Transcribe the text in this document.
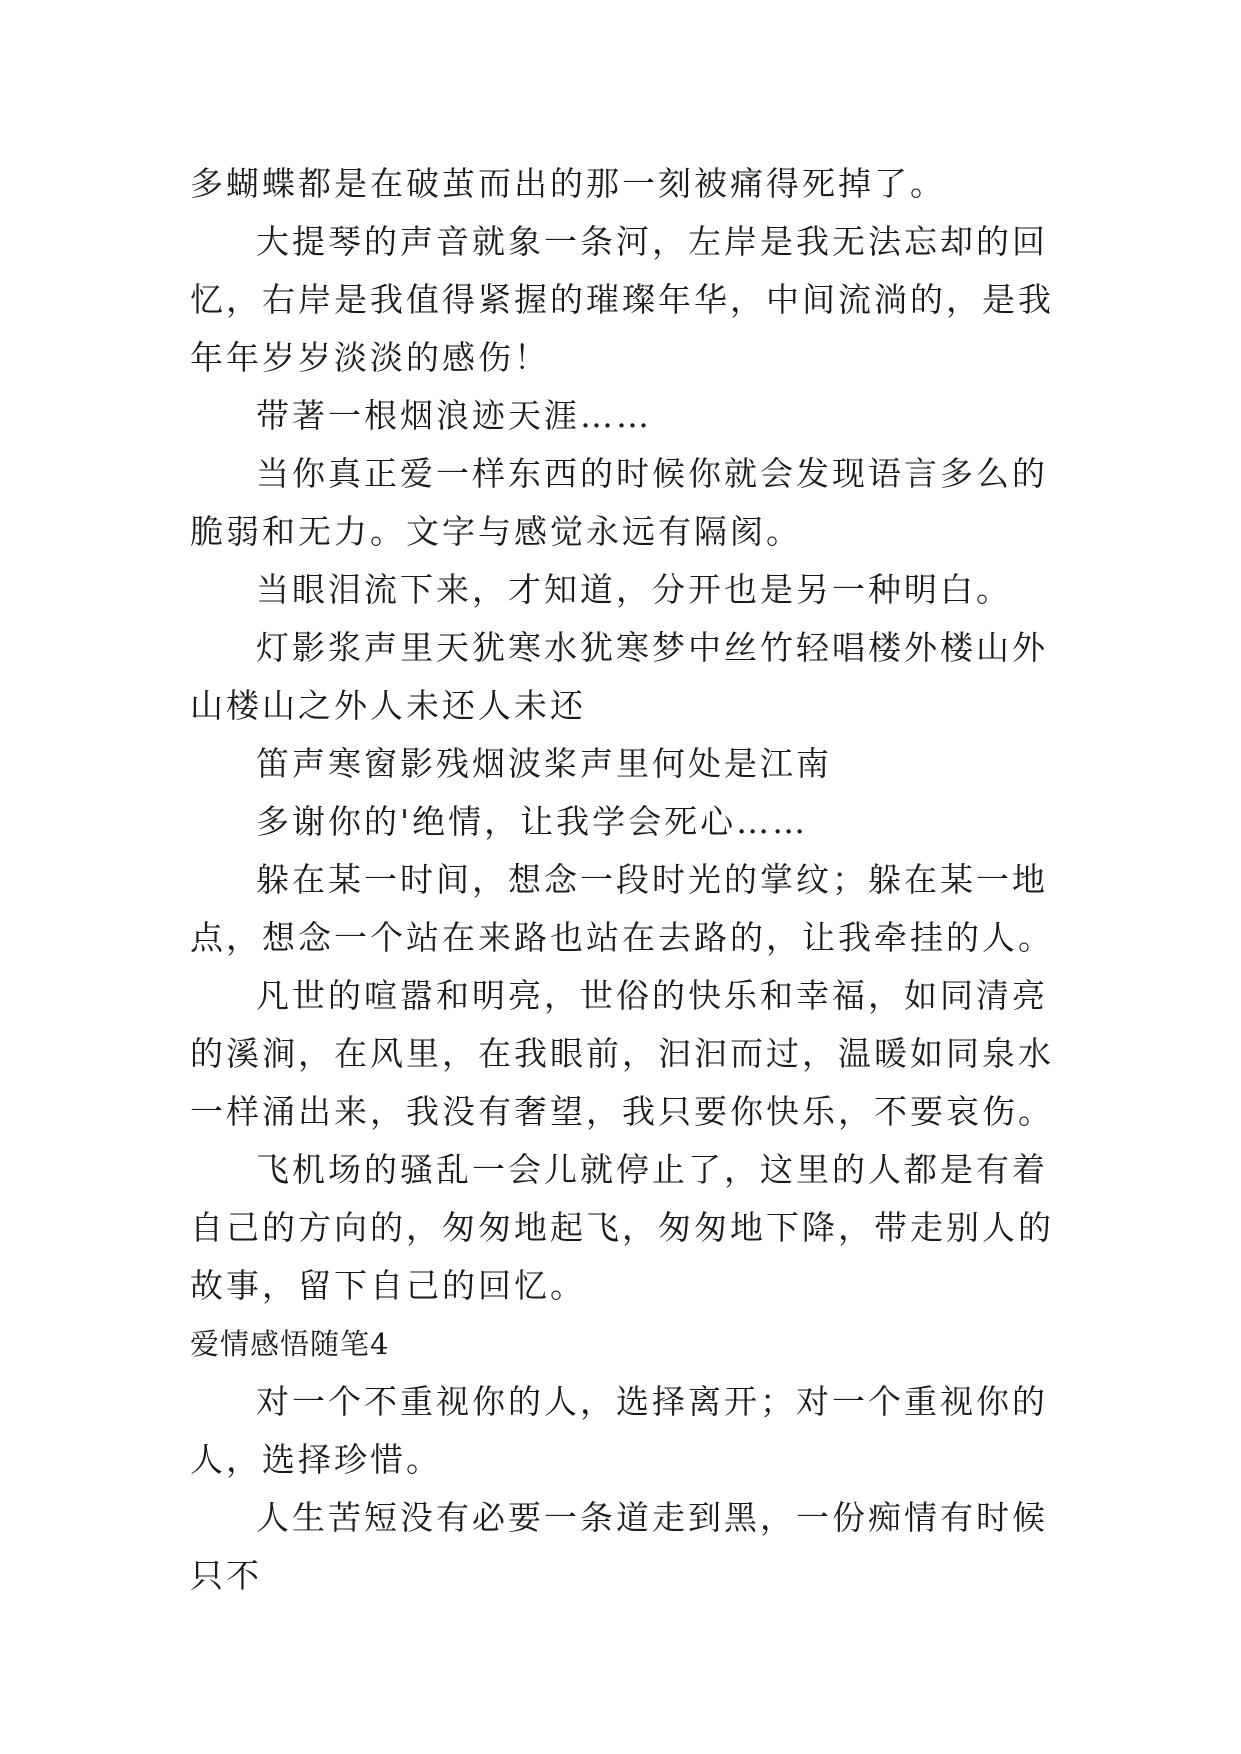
多蝴蝶都是在破茧而出的那一刻被痛得死掉了。

大提琴的声音就象一条河，左岸是我无法忘却的回忆，右岸是我值得紧握的璀璨年华，中间流淌的，是我年年岁岁淡淡的感伤！

带著一根烟浪迹天涯……

当你真正爱一样东西的时候你就会发现语言多么的脆弱和无力。文字与感觉永远有隔阂。

当眼泪流下来，才知道，分开也是另一种明白。

灯影浆声里天犹寒水犹寒梦中丝竹轻唱楼外楼山外山楼山之外人未还人未还

笛声寒窗影残烟波桨声里何处是江南

多谢你的'绝情，让我学会死心……

躲在某一时间，想念一段时光的掌纹；躲在某一地点，想念一个站在来路也站在去路的，让我牵挂的人。

凡世的喧嚣和明亮，世俗的快乐和幸福，如同清亮的溪涧，在风里，在我眼前，汩汩而过，温暖如同泉水一样涌出来，我没有奢望，我只要你快乐，不要哀伤。

飞机场的骚乱一会儿就停止了，这里的人都是有着自己的方向的，匆匆地起飞，匆匆地下降，带走别人的故事，留下自己的回忆。

爱情感悟随笔4

对一个不重视你的人，选择离开；对一个重视你的人，选择珍惜。

人生苦短没有必要一条道走到黑，一份痴情有时候只不
